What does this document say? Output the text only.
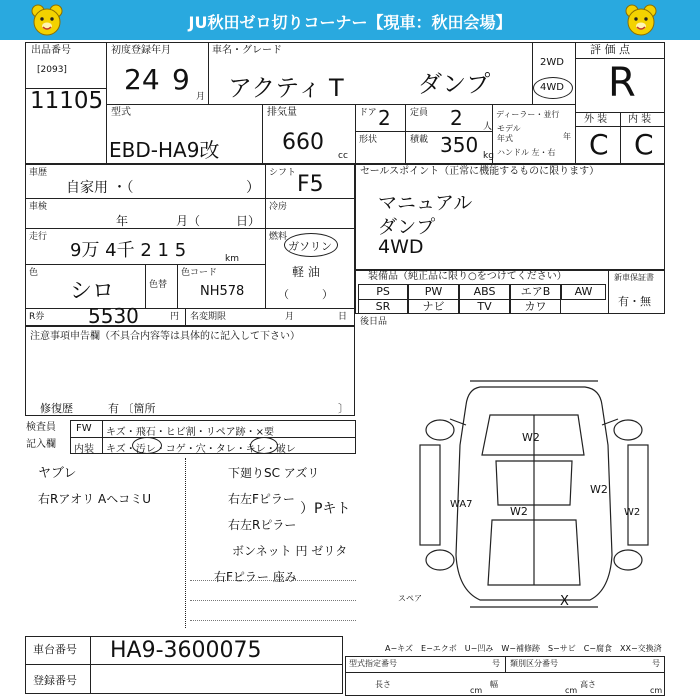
JU秋田ゼロ切りコーナー【現車：秋田会場】
出品番号
[2093]
11105
初度登録年月
24 9
月
車名・グレード
アクティ T	ダンプ
2WD
4WD
評 価 点
R
外 装 内 装
C C
型式
EBD-HA9改
排気量
660
cc
ドア 2 定員 2 人
形状	積載 350 kg
ディーラー・並行
モデル
年式	年
ハンドル 左・右
車歴
自家用 ・（	）
シフト F5
車検
年	月（	日）
冷房
走行
9万 4千 2 1 5	km
燃料
ガソリン
軽 油
（　　　）
色
シロ	色替
色コード
NH578
R券 5530	円 名変期限	月	日
セールスポイント（正常に機能するものに限ります）
マニュアル
ダンプ
4WD
装備品（純正品に限り○をつけてください）	新車保証書
有・無
PS	PW	ABS	エアB	AW
SR	ナビ	TV	カワ
後日品
注意事項申告欄（不具合内容等は具体的に記入して下さい）
修復歴	有 〔箇所	〕
検査員
記入欄
FW キズ・飛石・ヒビ割・リペア跡・×要
内装 キズ・汚レ・コゲ・穴・タレ・キレ・破レ
ヤブレ
右Rアオリ AヘコミU
下廻りSC アズリ
右左Fピラー
右左Rピラー
）Pキト
ボンネット 円 ゼリタ
右Fピラー 座み
W2
WA7
W2
W2
W2
X
スペア
車台番号 HA9-3600075
登録番号
A−キズ　E−エクボ　U−凹み　W−補修跡　S−サビ　C−腐食　XX−交換済
型式指定番号	号 類別区分番号	号
長さ
cm
幅
cm
高さ
cm
